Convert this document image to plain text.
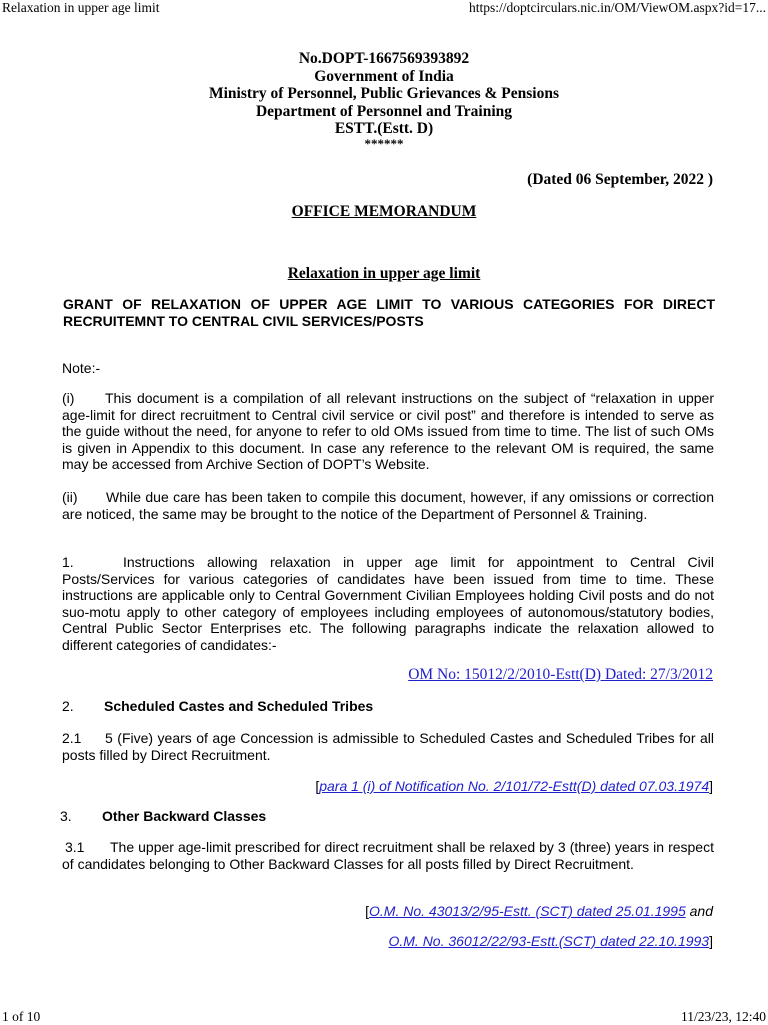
Relaxation in upper age limit	https://doptcirculars.nic.in/OM/ViewOM.aspx?id=17...
No.DOPT-1667569393892
Government of India
Ministry of Personnel, Public Grievances & Pensions
Department of Personnel and Training
ESTT.(Estt. D)
******
(Dated 06 September, 2022 )
OFFICE MEMORANDUM
Relaxation in upper age limit
GRANT OF RELAXATION OF UPPER AGE LIMIT TO VARIOUS CATEGORIES FOR DIRECT RECRUITEMNT TO CENTRAL CIVIL SERVICES/POSTS
Note:-
(i) This document is a compilation of all relevant instructions on the subject of “relaxation in upper age-limit for direct recruitment to Central civil service or civil post” and therefore is intended to serve as the guide without the need, for anyone to refer to old OMs issued from time to time. The list of such OMs is given in Appendix to this document. In case any reference to the relevant OM is required, the same may be accessed from Archive Section of DOPT’s Website.
(ii) While due care has been taken to compile this document, however, if any omissions or correction are noticed, the same may be brought to the notice of the Department of Personnel & Training.
1.	Instructions allowing relaxation in upper age limit for appointment to Central Civil Posts/Services for various categories of candidates have been issued from time to time. These instructions are applicable only to Central Government Civilian Employees holding Civil posts and do not suo-motu apply to other category of employees including employees of autonomous/statutory bodies, Central Public Sector Enterprises etc. The following paragraphs indicate the relaxation allowed to different categories of candidates:-
OM No: 15012/2/2010-Estt(D) Dated: 27/3/2012
2. Scheduled Castes and Scheduled Tribes
2.1 5 (Five) years of age Concession is admissible to Scheduled Castes and Scheduled Tribes for all posts filled by Direct Recruitment.
[para 1 (i) of Notification No. 2/101/72-Estt(D) dated 07.03.1974]
3. Other Backward Classes
3.1 The upper age-limit prescribed for direct recruitment shall be relaxed by 3 (three) years in respect of candidates belonging to Other Backward Classes for all posts filled by Direct Recruitment.
[O.M. No. 43013/2/95-Estt. (SCT) dated 25.01.1995 and
O.M. No. 36012/22/93-Estt.(SCT) dated 22.10.1993]
1 of 10	11/23/23, 12:40
